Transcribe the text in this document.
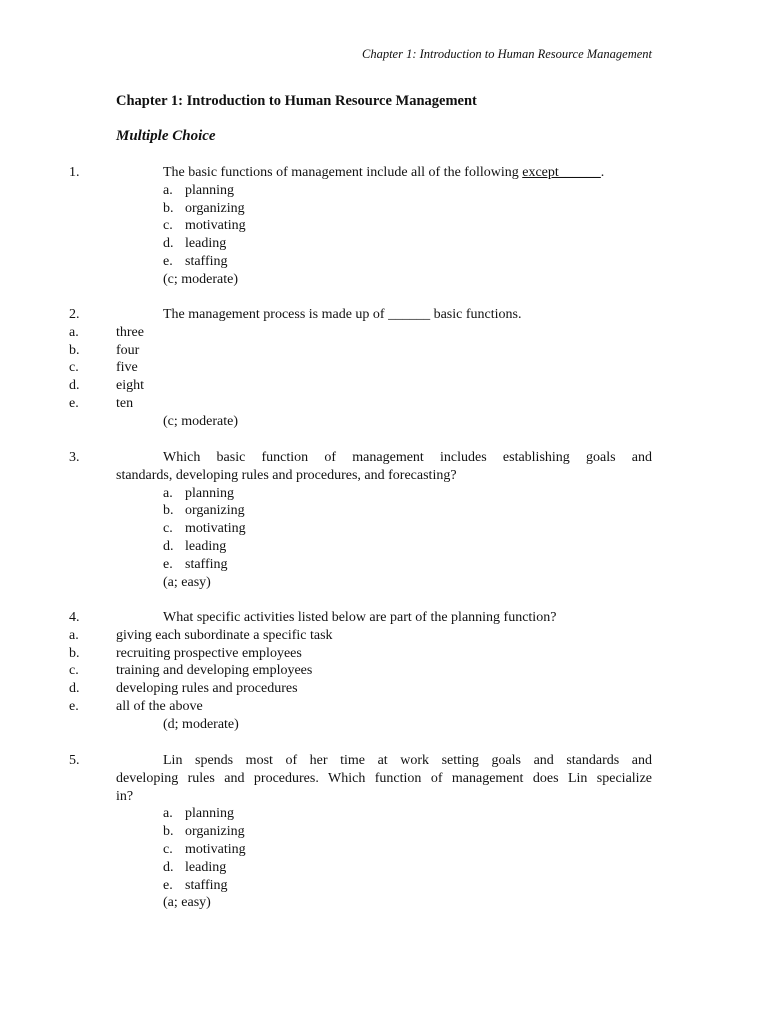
Chapter 1: Introduction to Human Resource Management
Chapter 1: Introduction to Human Resource Management
Multiple Choice
1.	The basic functions of management include all of the following except______.
a. planning
b. organizing
c. motivating
d. leading
e. staffing
(c; moderate)
2.	The management process is made up of ______ basic functions.
a.	three
b.	four
c.	five
d.	eight
e.	ten
(c; moderate)
3.	Which basic function of management includes establishing goals and
standards, developing rules and procedures, and forecasting?
a. planning
b. organizing
c. motivating
d. leading
e. staffing
(a; easy)
4.	What specific activities listed below are part of the planning function?
a.	giving each subordinate a specific task
b.	recruiting prospective employees
c.	training and developing employees
d.	developing rules and procedures
e.	all of the above
(d; moderate)
5.	Lin spends most of her time at work setting goals and standards and
developing rules and procedures. Which function of management does Lin specialize
in?
a. planning
b. organizing
c. motivating
d. leading
e. staffing
(a; easy)
